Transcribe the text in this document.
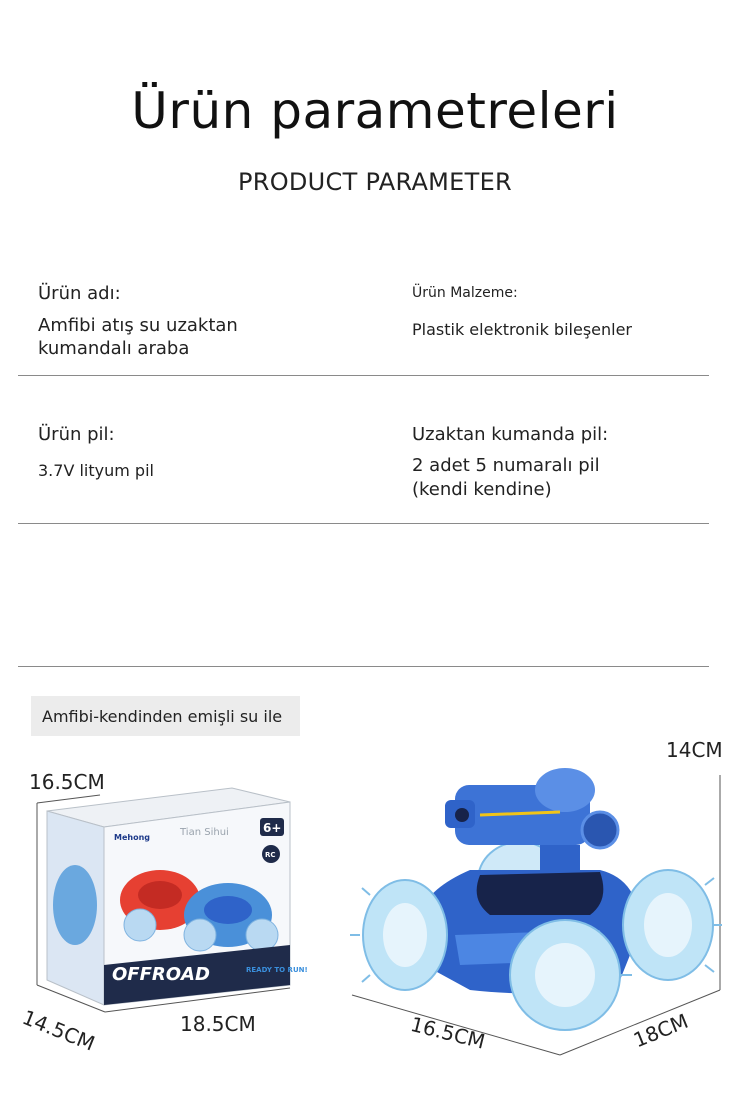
Ürün parametreleri
PRODUCT PARAMETER
Ürün adı:
Amfibi atış su uzaktan
kumandalı araba
Ürün Malzeme:
Plastik elektronik bileşenler
Ürün pil:
3.7V lityum pil
Uzaktan kumanda pil:
2 adet 5 numaralı pil
(kendi kendine)
Amfibi-kendinden emişli su ile
Mehong	Tian Sihui	6+
RC
OFFROAD	READY TO RUN!
16.5CM
14.5CM	18.5CM
14CM
16.5CM	18CM
